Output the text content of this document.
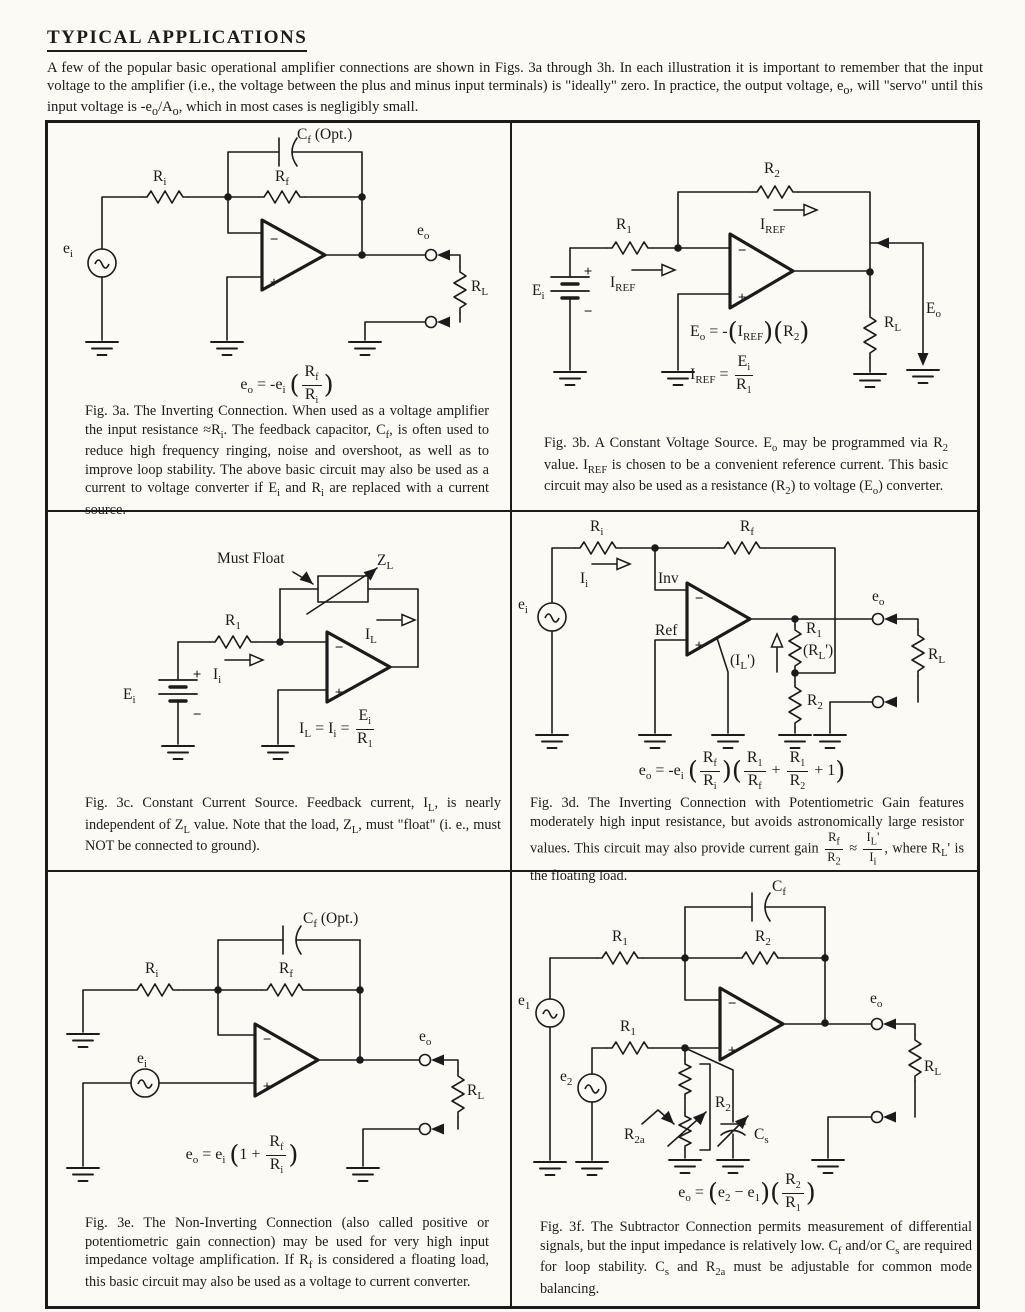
TYPICAL APPLICATIONS
A few of the popular basic operational amplifier connections are shown in Figs. 3a through 3h. In each illustration it is important to remember that the input voltage to the amplifier (i.e., the voltage between the plus and minus input terminals) is "ideally" zero. In practice, the output voltage, $e_o$, will "servo" until this input voltage is $-e_o/A_o$, which in most cases is negligibly small.
−
+
$C_f$ (Opt.)
$R_i$	$R_f$
$e_i$
$e_o$
$R_L$
$e_o = -e_i$ ( $\frac{R_f}{R_i}$ )

Fig. 3a. The Inverting Connection. When used as a voltage amplifier the input resistance $\approx R_i$. The feedback capacitor, $C_f$, is often used to reduce high frequency ringing, noise and overshoot, as well as to improve loop stability. The above basic circuit may also be used as a current to voltage converter if $E_i$ and $R_i$ are replaced with a current source.

+
−
−
+
$R_2$
$I_{REF}$
$R_1$
$I_{REF}$
$E_i$
$E_o$
$R_L$
$E_o = -(I_{REF})(R_2)$
$I_{REF} = \frac{E_i}{R_1}$

Fig. 3b. A Constant Voltage Source. $E_o$ may be programmed via $R_2$ value. $I_{REF}$ is chosen to be a convenient reference current. This basic circuit may also be used as a resistance $(R_2)$ to voltage $(E_o)$ converter.

+
−
−
+
Must Float	$Z_L$
$R_1$
$I_i$
$I_L$
$E_i$
$I_L = I_i = \frac{E_i}{R_1}$

Fig. 3c. Constant Current Source. Feedback current, $I_L$, is nearly independent of $Z_L$ value. Note that the load, $Z_L$, must "float" (i. e., must NOT be connected to ground).

−
+
$R_i$	$R_f$
$I_i$
$e_i$
Inv
Ref
$(I_L')$
$R_1$
$(R_L')$
$R_2$
$e_o$
$R_L$
$e_o = -e_i$ ( $\frac{R_f}{R_i}$ )( $\frac{R_1}{R_f} + \frac{R_1}{R_2} + 1$)

Fig. 3d. The Inverting Connection with Potentiometric Gain features moderately high input resistance, but avoids astronomically large resistor values. This circuit may also provide current gain $\frac{R_f}{R_2} \approx \frac{I_L'}{I_i}$ , where $R_L'$ is the floating load.

−
+
$C_f$ (Opt.)
$R_i$	$R_f$
$e_i$
$e_o$
$R_L$
$e_o = e_i$ ($1 + \frac{R_f}{R_i}$ )

Fig. 3e. The Non-Inverting Connection (also called positive or potentiometric gain connection) may be used for very high input impedance voltage amplification. If $R_f$ is considered a floating load, this basic circuit may also be used as a voltage to current converter.

−
+
$C_f$
$R_1$	$R_2$
$e_1$
$R_1$
$e_2$
$R_2$
$R_{2a}$	$C_s$
$e_o$
$R_L$
$e_o = (e_2 - e_1)( \frac{R_2}{R_1}$ )

Fig. 3f. The Subtractor Connection permits measurement of differential signals, but the input impedance is relatively low. $C_f$ and/or $C_s$ are required for loop stability. $C_s$ and $R_{2a}$ must be adjustable for common mode balancing.
